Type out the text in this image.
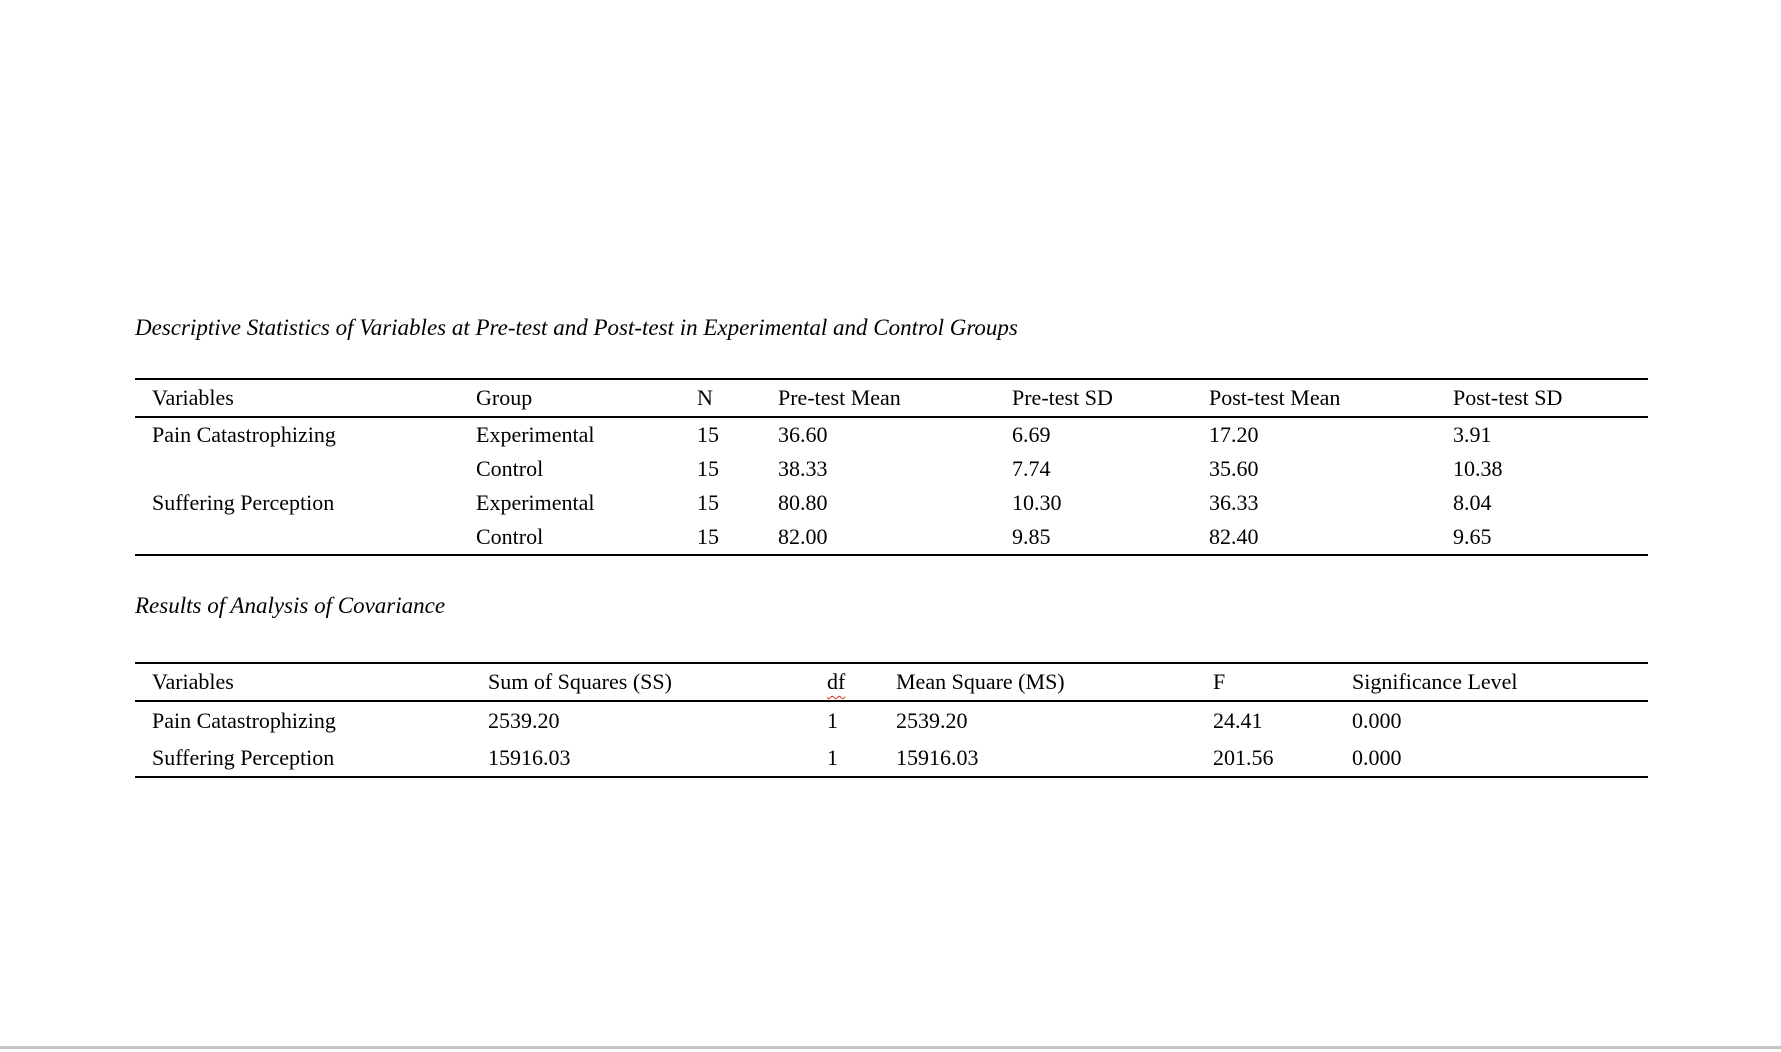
Descriptive Statistics of Variables at Pre-test and Post-test in Experimental and Control Groups
Variables	Group	N	Pre-test Mean	Pre-test SD	Post-test Mean	Post-test SD
Pain Catastrophizing	Experimental	15	36.60	6.69	17.20	3.91
	Control	15	38.33	7.74	35.60	10.38
Suffering Perception	Experimental	15	80.80	10.30	36.33	8.04
	Control	15	82.00	9.85	82.40	9.65
Results of Analysis of Covariance
Variables	Sum of Squares (SS)	df	Mean Square (MS)	F	Significance Level
Pain Catastrophizing	2539.20	1	2539.20	24.41	0.000
Suffering Perception	15916.03	1	15916.03	201.56	0.000
